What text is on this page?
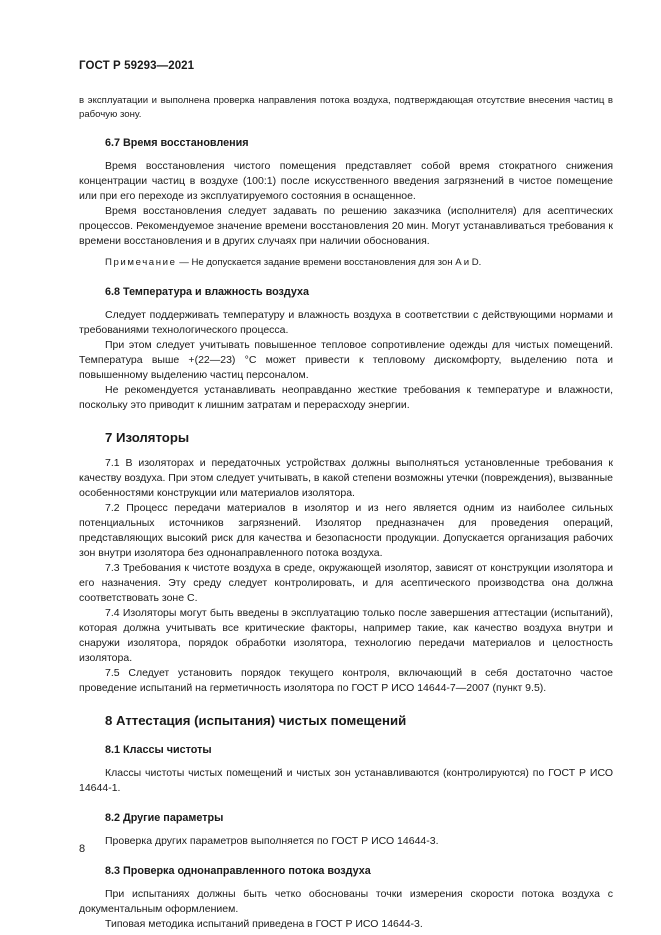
ГОСТ Р 59293—2021

в эксплуатации и выполнена проверка направления потока воздуха, подтверждающая отсутствие внесения частиц в рабочую зону.

6.7 Время восстановления

Время восстановления чистого помещения представляет собой время стократного снижения концентрации частиц в воздухе (100:1) после искусственного введения загрязнений в чистое помещение или при его переходе из эксплуатируемого состояния в оснащенное.

Время восстановления следует задавать по решению заказчика (исполнителя) для асептических процессов. Рекомендуемое значение времени восстановления 20 мин. Могут устанавливаться требования к времени восстановления и в других случаях при наличии обоснования.

Примечание — Не допускается задание времени восстановления для зон A и D.

6.8 Температура и влажность воздуха

Следует поддерживать температуру и влажность воздуха в соответствии с действующими нормами и требованиями технологического процесса.

При этом следует учитывать повышенное тепловое сопротивление одежды для чистых помещений. Температура выше +(22—23) °С может привести к тепловому дискомфорту, выделению пота и повышенному выделению частиц персоналом.

Не рекомендуется устанавливать неоправданно жесткие требования к температуре и влажности, поскольку это приводит к лишним затратам и перерасходу энергии.

7 Изоляторы

7.1 В изоляторах и передаточных устройствах должны выполняться установленные требования к качеству воздуха. При этом следует учитывать, в какой степени возможны утечки (повреждения), вызванные особенностями конструкции или материалов изолятора.

7.2 Процесс передачи материалов в изолятор и из него является одним из наиболее сильных потенциальных источников загрязнений. Изолятор предназначен для проведения операций, представляющих высокий риск для качества и безопасности продукции. Допускается организация рабочих зон внутри изолятора без однонаправленного потока воздуха.

7.3 Требования к чистоте воздуха в среде, окружающей изолятор, зависят от конструкции изолятора и его назначения. Эту среду следует контролировать, и для асептического производства она должна соответствовать зоне С.

7.4 Изоляторы могут быть введены в эксплуатацию только после завершения аттестации (испытаний), которая должна учитывать все критические факторы, например такие, как качество воздуха внутри и снаружи изолятора, порядок обработки изолятора, технологию передачи материалов и целостность изолятора.

7.5 Следует установить порядок текущего контроля, включающий в себя достаточно частое проведение испытаний на герметичность изолятора по ГОСТ Р ИСО 14644-7—2007 (пункт 9.5).

8 Аттестация (испытания) чистых помещений
8.1 Классы чистоты

Классы чистоты чистых помещений и чистых зон устанавливаются (контролируются) по ГОСТ Р ИСО 14644-1.

8.2 Другие параметры

Проверка других параметров выполняется по ГОСТ Р ИСО 14644-3.

8.3 Проверка однонаправленного потока воздуха

При испытаниях должны быть четко обоснованы точки измерения скорости потока воздуха с документальным оформлением.

Типовая методика испытаний приведена в ГОСТ Р ИСО 14644-3.

8
